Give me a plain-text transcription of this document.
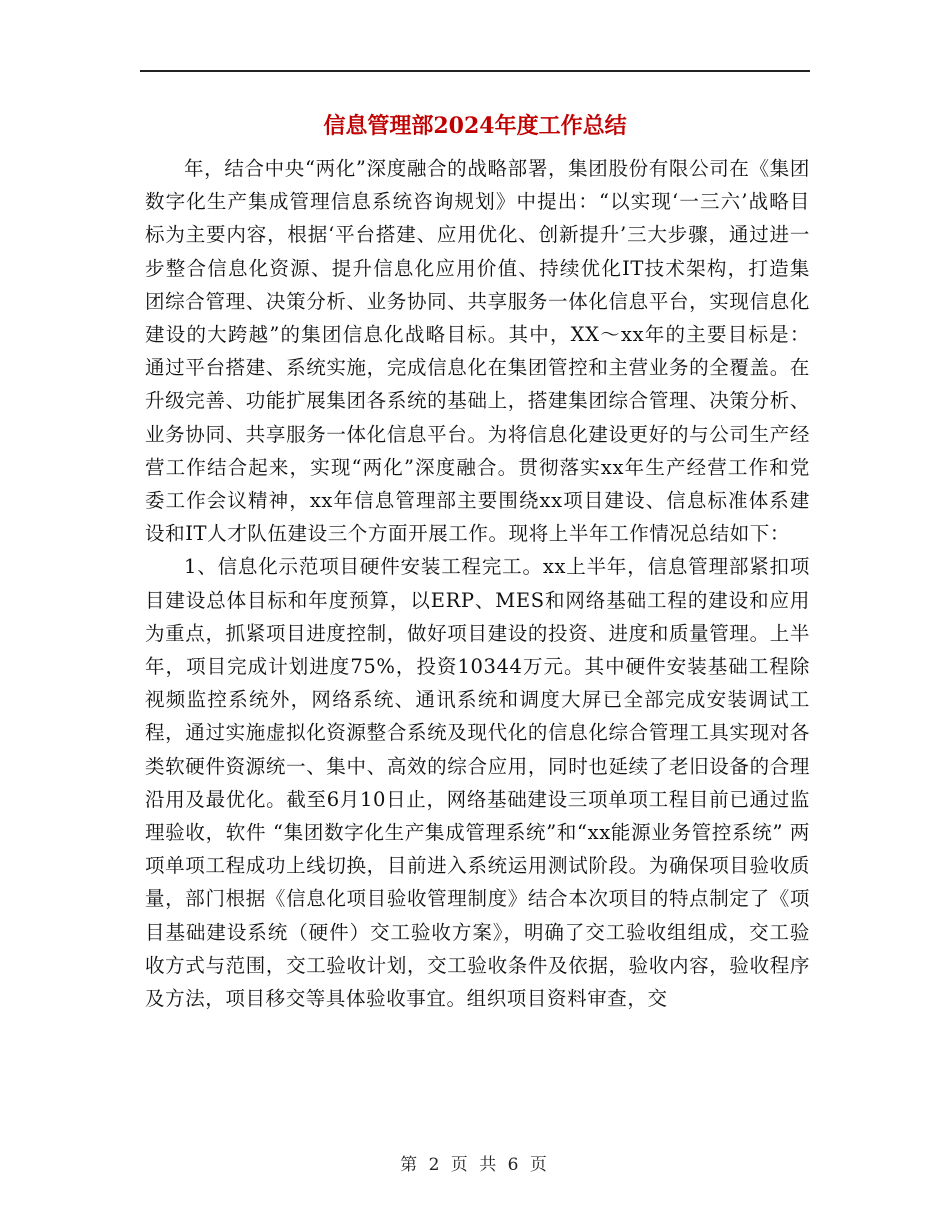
信息管理部2024年度工作总结

年，结合中央“两化”深度融合的战略部署，集团股份有限公司在《集团数字化生产集成管理信息系统咨询规划》中提出：“以实现‘一三六’战略目标为主要内容，根据‘平台搭建、应用优化、创新提升’三大步骤，通过进一步整合信息化资源、提升信息化应用价值、持续优化IT技术架构，打造集团综合管理、决策分析、业务协同、共享服务一体化信息平台，实现信息化建设的大跨越”的集团信息化战略目标。其中，XX～xx年的主要目标是：通过平台搭建、系统实施，完成信息化在集团管控和主营业务的全覆盖。在升级完善、功能扩展集团各系统的基础上，搭建集团综合管理、决策分析、业务协同、共享服务一体化信息平台。为将信息化建设更好的与公司生产经营工作结合起来，实现“两化”深度融合。贯彻落实xx年生产经营工作和党委工作会议精神，xx年信息管理部主要围绕xx项目建设、信息标准体系建设和IT人才队伍建设三个方面开展工作。现将上半年工作情况总结如下：

1、信息化示范项目硬件安装工程完工。xx上半年，信息管理部紧扣项目建设总体目标和年度预算，以ERP、MES和网络基础工程的建设和应用为重点，抓紧项目进度控制，做好项目建设的投资、进度和质量管理。上半年，项目完成计划进度75%，投资10344万元。其中硬件安装基础工程除视频监控系统外，网络系统、通讯系统和调度大屏已全部完成安装调试工程，通过实施虚拟化资源整合系统及现代化的信息化综合管理工具实现对各类软硬件资源统一、集中、高效的综合应用，同时也延续了老旧设备的合理沿用及最优化。截至6月10日止，网络基础建设三项单项工程目前已通过监理验收，软件 “集团数字化生产集成管理系统”和“xx能源业务管控系统” 两项单项工程成功上线切换，目前进入系统运用测试阶段。为确保项目验收质量，部门根据《信息化项目验收管理制度》结合本次项目的特点制定了《项目基础建设系统（硬件）交工验收方案》，明确了交工验收组组成，交工验收方式与范围，交工验收计划，交工验收条件及依据，验收内容，验收程序及方法，项目移交等具体验收事宜。组织项目资料审查，交

第 2 页 共 6 页
